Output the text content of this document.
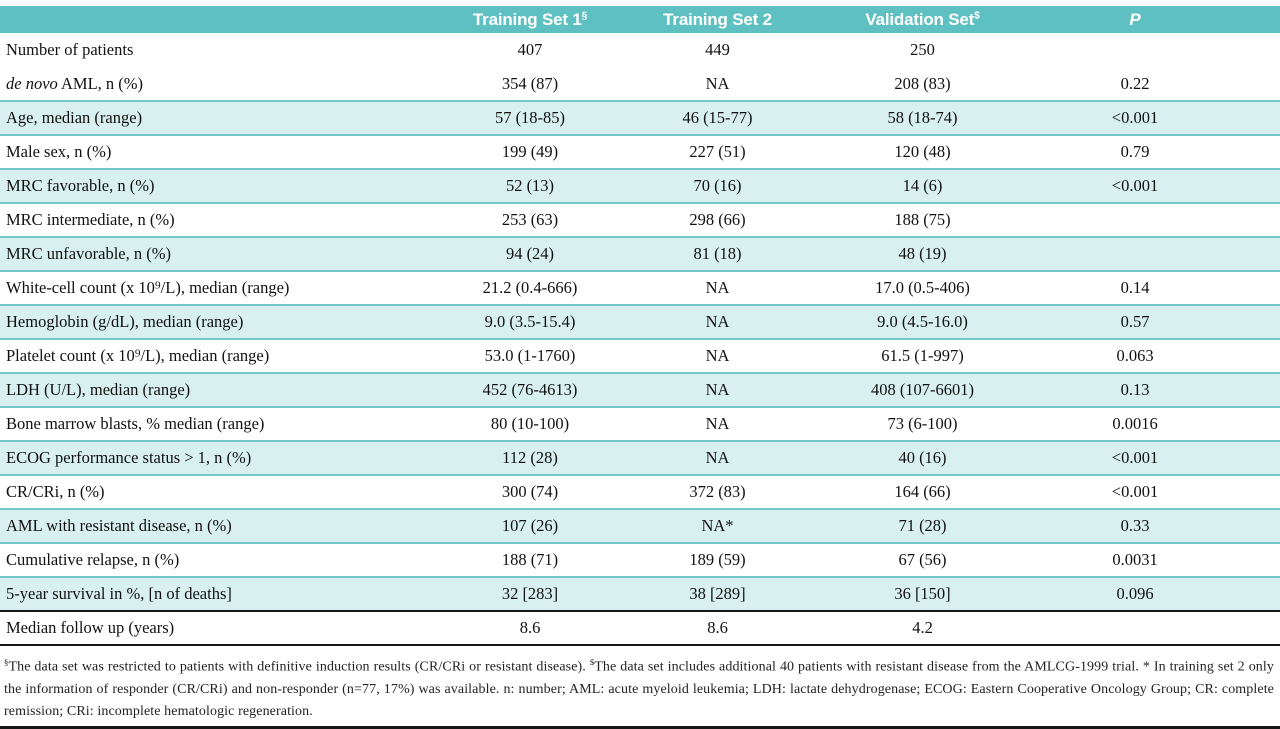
	Training Set 1§	Training Set 2	Validation Set$	P
Number of patients	407	449	250	
de novo AML, n (%)	354 (87)	NA	208 (83)	0.22
Age, median (range)	57 (18-85)	46 (15-77)	58 (18-74)	<0.001
Male sex, n (%)	199 (49)	227 (51)	120 (48)	0.79
MRC favorable, n (%)	52 (13)	70 (16)	14 (6)	<0.001
MRC intermediate, n (%)	253 (63)	298 (66)	188 (75)	
MRC unfavorable, n (%)	94 (24)	81 (18)	48 (19)	
White-cell count (x 10⁹/L), median (range)	21.2 (0.4-666)	NA	17.0 (0.5-406)	0.14
Hemoglobin (g/dL), median (range)	9.0 (3.5-15.4)	NA	9.0 (4.5-16.0)	0.57
Platelet count (x 10⁹/L), median (range)	53.0 (1-1760)	NA	61.5 (1-997)	0.063
LDH (U/L), median (range)	452 (76-4613)	NA	408 (107-6601)	0.13
Bone marrow blasts, % median (range)	80 (10-100)	NA	73 (6-100)	0.0016
ECOG performance status > 1, n (%)	112 (28)	NA	40 (16)	<0.001
CR/CRi, n (%)	300 (74)	372 (83)	164 (66)	<0.001
AML with resistant disease, n (%)	107 (26)	NA*	71 (28)	0.33
Cumulative relapse, n (%)	188 (71)	189 (59)	67 (56)	0.0031
5-year survival in %, [n of deaths]	32 [283]	38 [289]	36 [150]	0.096
Median follow up (years)	8.6	8.6	4.2	

§The data set was restricted to patients with definitive induction results (CR/CRi or resistant disease). $The data set includes additional 40 patients with resistant disease from the AMLCG-1999 trial. * In training set 2 only the information of responder (CR/CRi) and non-responder (n=77, 17%) was available. n: number; AML: acute myeloid leukemia; LDH: lactate dehydrogenase; ECOG: Eastern Cooperative Oncology Group; CR: complete remission; CRi: incomplete hematologic regeneration.
